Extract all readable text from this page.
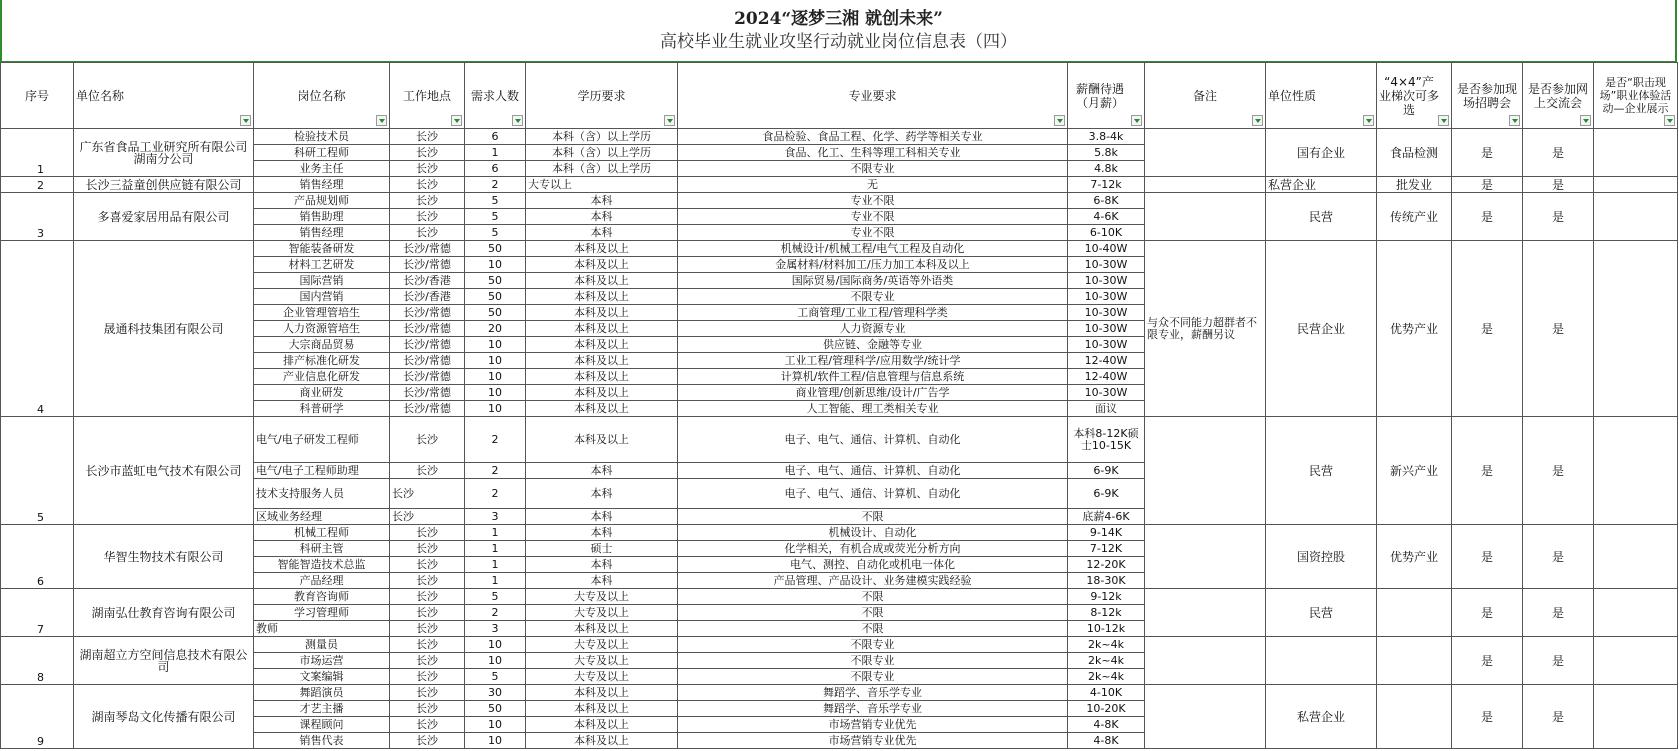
2024“逐梦三湘 就创未来”
高校毕业生就业攻坚行动就业岗位信息表（四）
序号	单位名称	岗位名称	工作地点	需求人数	学历要求	专业要求	薪酬待遇（月薪）	备注	单位性质	“4×4”产业梯次可多选	是否参加现场招聘会	是否参加网上交流会	是否“职击现场”职业体验活动—企业展示

1	广东省食品工业研究所有限公司湖南分公司	检验技术员	长沙	6	本科（含）以上学历	食品检验、食品工程、化学、药学等相关专业	3.8-4k		国有企业	食品检测	是	是	
		科研工程师	长沙	1	本科（含）以上学历	食品、化工、生科等理工科相关专业	5.8k						
		业务主任	长沙	6	本科（含）以上学历	不限专业	4.8k						
2	长沙三益童创供应链有限公司	销售经理	长沙	2	大专以上	无	7-12k		私营企业	批发业	是	是	
3	多喜爱家居用品有限公司	产品规划师	长沙	5	本科	专业不限	6-8K		民营	传统产业	是	是	
		销售助理	长沙	5	本科	专业不限	4-6K						
		销售经理	长沙	5	本科	专业不限	6-10K						
4	晟通科技集团有限公司	智能装备研发	长沙/常德	50	本科及以上	机械设计/机械工程/电气工程及自动化	10-40W	与众不同能力超群者不限专业，薪酬另议	民营企业	优势产业	是	是	
		材料工艺研发	长沙/常德	10	本科及以上	金属材料/材料加工/压力加工本科及以上	10-30W						
		国际营销	长沙/香港	50	本科及以上	国际贸易/国际商务/英语等外语类	10-30W						
		国内营销	长沙/香港	50	本科及以上	不限专业	10-30W						
		企业管理管培生	长沙/常德	50	本科及以上	工商管理/工业工程/管理科学类	10-30W						
		人力资源管培生	长沙/常德	20	本科及以上	人力资源专业	10-30W						
		大宗商品贸易	长沙/常德	10	本科及以上	供应链、金融等专业	10-30W						
		排产标准化研发	长沙/常德	10	本科及以上	工业工程/管理科学/应用数学/统计学	12-40W						
		产业信息化研发	长沙/常德	10	本科及以上	计算机/软件工程/信息管理与信息系统	12-40W						
		商业研发	长沙/常德	10	本科及以上	商业管理/创新思维/设计/广告学	10-30W						
		科普研学	长沙/常德	10	本科及以上	人工智能、理工类相关专业	面议						
5	长沙市蓝虹电气技术有限公司	电气/电子研发工程师	长沙	2	本科及以上	电子、电气、通信、计算机、自动化	本科8-12K硕士10-15K		民营	新兴产业	是	是	
		电气/电子工程师助理	长沙	2	本科	电子、电气、通信、计算机、自动化	6-9K						
		技术支持服务人员	长沙	2	本科	电子、电气、通信、计算机、自动化	6-9K						
		区域业务经理	长沙	3	本科	不限	底薪4-6K						
6	华智生物技术有限公司	机械工程师	长沙	1	本科	机械设计、自动化	9-14K		国资控股	优势产业	是	是	
		科研主管	长沙	1	硕士	化学相关，有机合成或荧光分析方向	7-12K						
		智能智造技术总监	长沙	1	本科	电气、测控、自动化或机电一体化	12-20K						
		产品经理	长沙	1	本科	产品管理、产品设计、业务建模实践经验	18-30K						
7	湖南弘仕教育咨询有限公司	教育咨询师	长沙	5	大专及以上	不限	9-12k		民营		是	是	
		学习管理师	长沙	2	大专及以上	不限	8-12k						
		教师	长沙	3	本科及以上	不限	10-12k						
8	湖南超立方空间信息技术有限公司	测量员	长沙	10	大专及以上	不限专业	2k~4k				是	是	
		市场运营	长沙	10	大专及以上	不限专业	2k~4k						
		文案编辑	长沙	5	大专及以上	不限专业	2k~4k						
9	湖南琴岛文化传播有限公司	舞蹈演员	长沙	30	本科及以上	舞蹈学、音乐学专业	4-10K		私营企业		是	是	
		才艺主播	长沙	50	本科及以上	舞蹈学、音乐学专业	10-20K						
		课程顾问	长沙	10	本科及以上	市场营销专业优先	4-8K						
		销售代表	长沙	10	本科及以上	市场营销专业优先	4-8K						
